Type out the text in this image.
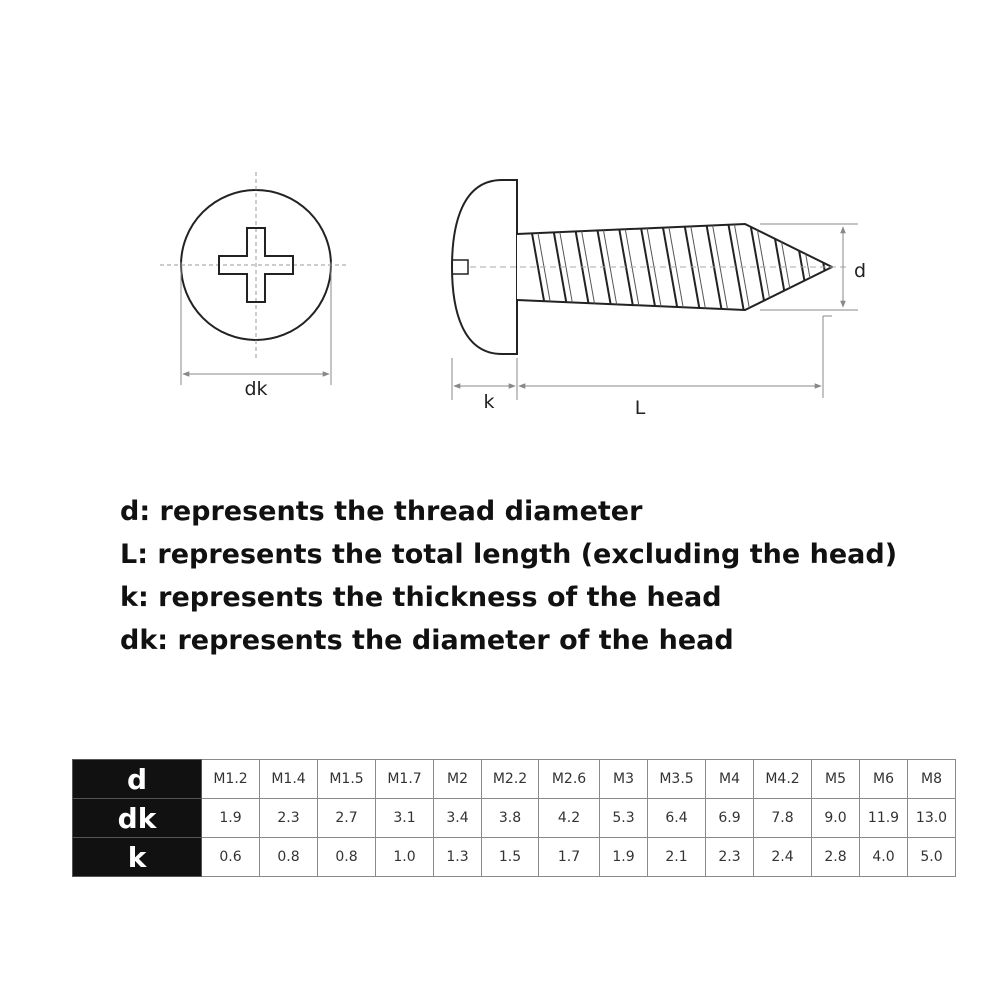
dk
d
k	L
d: represents the thread diameter
L: represents the total length (excluding the head)
k: represents the thickness of the head
dk: represents the diameter of the head
d	M1.2	M1.4	M1.5	M1.7	M2	M2.2	M2.6	M3	M3.5	M4	M4.2	M5	M6	M8
dk	1.9	2.3	2.7	3.1	3.4	3.8	4.2	5.3	6.4	6.9	7.8	9.0	11.9	13.0
k	0.6	0.8	0.8	1.0	1.3	1.5	1.7	1.9	2.1	2.3	2.4	2.8	4.0	5.0
